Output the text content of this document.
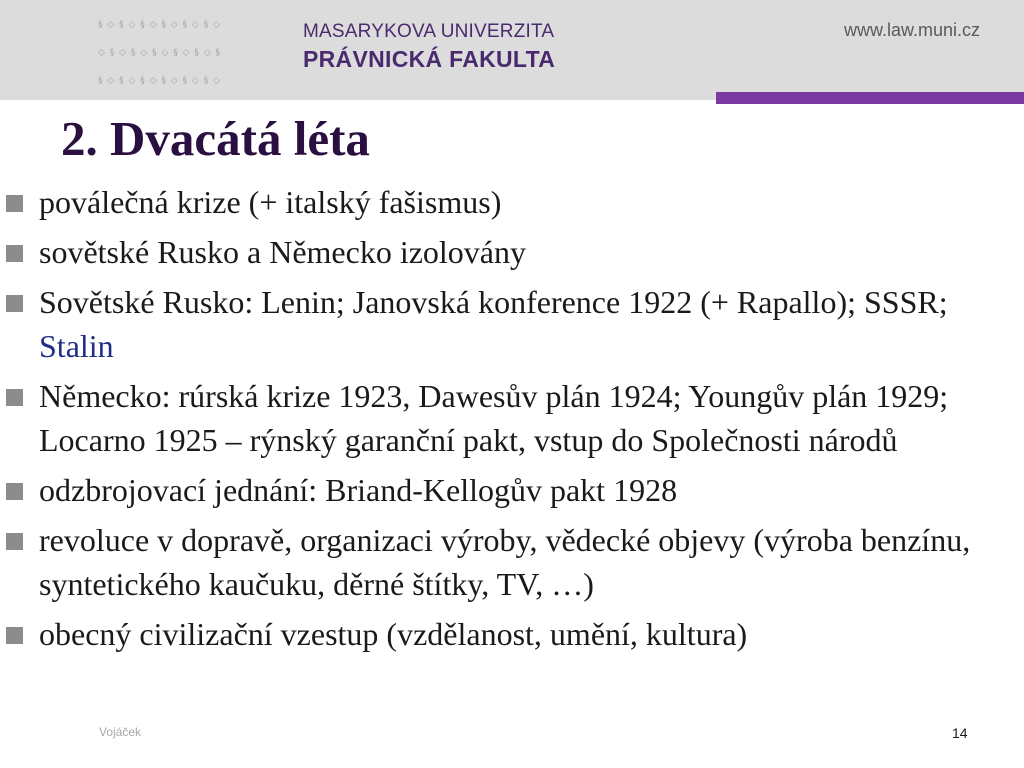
§ ◇ § ◇ § ◇ § ◇ § ◇ § ◇

◇ § ◇ § ◇ § ◇ § ◇ § ◇ §

§ ◇ § ◇ § ◇ § ◇ § ◇ § ◇

MASARYKOVA UNIVERZITA
PRÁVNICKÁ FAKULTA
www.law.muni.cz
2. Dvacátá léta
poválečná krize (+ italský fašismus)
sovětské Rusko a Německo izolovány
Sovětské Rusko: Lenin; Janovská konference 1922 (+ Rapallo); SSSR; Stalin
Německo: rúrská krize 1923, Dawesův plán 1924; Youngův plán 1929; Locarno 1925 – rýnský garanční pakt, vstup do Společnosti národů
odzbrojovací jednání: Briand-Kellogův pakt 1928
revoluce v dopravě, organizaci výroby, vědecké objevy (výroba benzínu, syntetického kaučuku, děrné štítky, TV, …)
obecný civilizační vzestup (vzdělanost, umění, kultura)
Vojáček	14
